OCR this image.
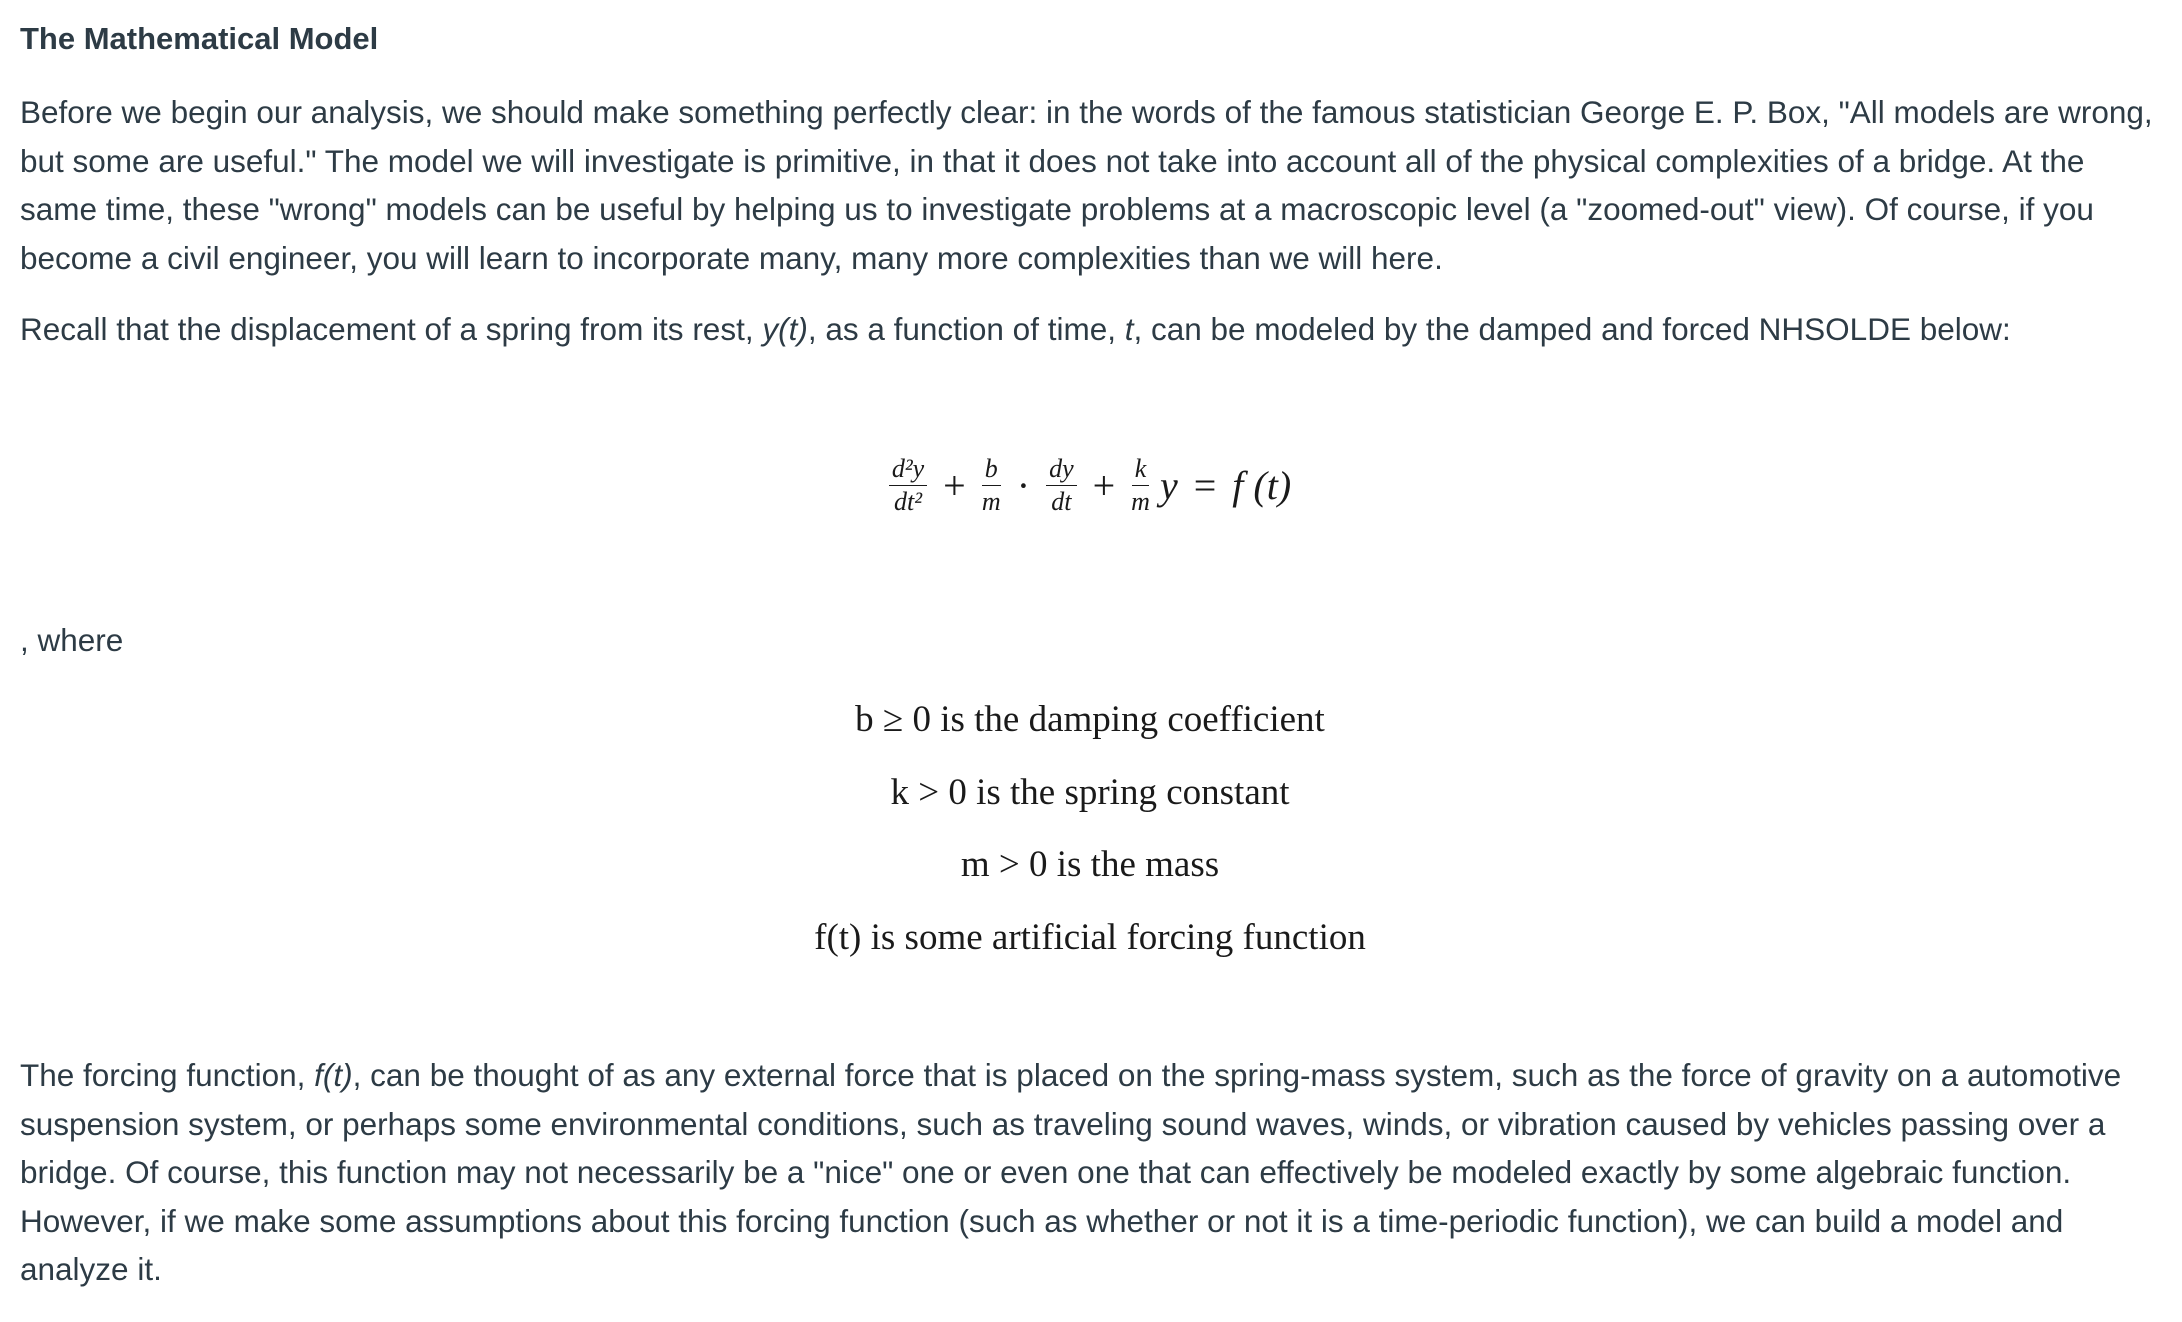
The Mathematical Model

Before we begin our analysis, we should make something perfectly clear: in the words of the famous statistician George E. P. Box, "All models are wrong, but some are useful." The model we will investigate is primitive, in that it does not take into account all of the physical complexities of a bridge. At the same time, these "wrong" models can be useful by helping us to investigate problems at a macroscopic level (a "zoomed-out" view). Of course, if you become a civil engineer, you will learn to incorporate many, many more complexities than we will here.

Recall that the displacement of a spring from its rest, y(t), as a function of time, t, can be modeled by the damped and forced NHSOLDE below:

$\frac{\text{d²y}}{\text{dt²}} + \frac{b}{m} \cdot \frac{dy}{dt} + \frac{k}{m}$ y = f (t)

, where

b ≥ 0 is the damping coefficient
k > 0 is the spring constant
m > 0 is the mass
f(t) is some artificial forcing function

The forcing function, f(t), can be thought of as any external force that is placed on the spring-mass system, such as the force of gravity on a automotive suspension system, or perhaps some environmental conditions, such as traveling sound waves, winds, or vibration caused by vehicles passing over a bridge. Of course, this function may not necessarily be a "nice" one or even one that can effectively be modeled exactly by some algebraic function. However, if we make some assumptions about this forcing function (such as whether or not it is a time-periodic function), we can build a model and analyze it.
